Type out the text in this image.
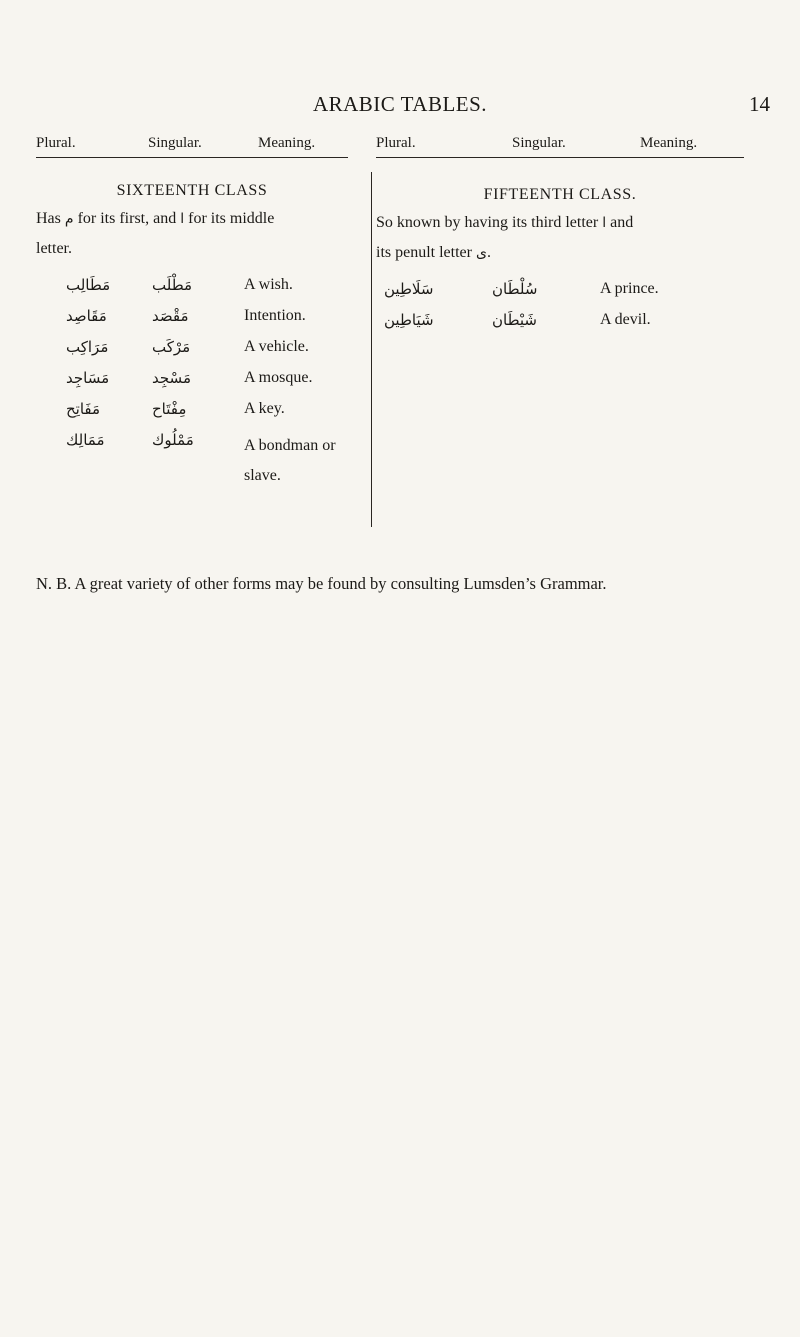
ARABIC TABLES.	14
Plural.	Singular.	Meaning.
SIXTEENTH CLASS
Has م for its first, and ا for its middle
letter.
مَطَالِب	مَطْلَب	A wish.
مَقَاصِد	مَقْصَد	Intention.
مَرَاكِب	مَرْكَب	A vehicle.
مَسَاجِد	مَسْجِد	A mosque.
مَفَاتِح	مِفْتَاح	A key.
مَمَالِك	مَمْلُوك	A bondman or slave.
Plural.	Singular.	Meaning.
FIFTEENTH CLASS.
So known by having its third letter ا and
its penult letter ى.
سَلَاطِين	سُلْطَان	A prince.
شَيَاطِين	شَيْطَان	A devil.
N. B. A great variety of other forms may be found by consulting Lumsden’s Grammar.
